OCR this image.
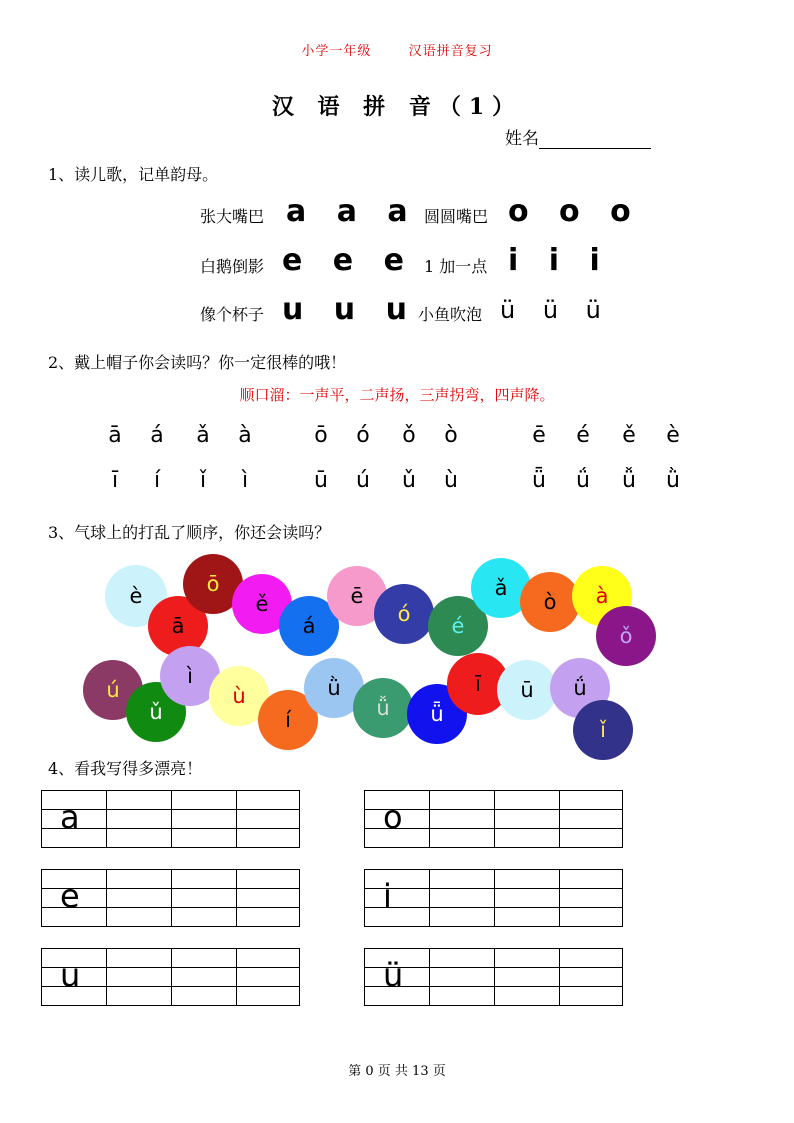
小学一年级	汉语拼音复习
汉 语 拼 音（1）
姓名
1、读儿歌，记单韵母。
张大嘴巴 a a a 圆圆嘴巴 o o o
白鹅倒影 e e e 1 加一点 i i i
像个杯子 u u u 小鱼吹泡 ü ü ü
2、戴上帽子你会读吗？你一定很棒的哦！
顺口溜：一声平，二声扬，三声拐弯，四声降。
ā	á	ǎ	à	ō	ó	ǒ	ò	ē	é	ě	è
ī	í	ǐ	ì	ū	ú	ǔ	ù	ǖ	ǘ	ǚ	ǜ
3、气球上的打乱了顺序，你还会读吗？
è
ā
ō
ě
á
ē
ó é
ǎ
ò à
ǒ
ú
ǔ
ì
ù
í
ǜ
ǚ ǖ
ī ū ǘ
ǐ
4、看我写得多漂亮！
a	o
e	i
u	ü
第 0 页 共 13 页
